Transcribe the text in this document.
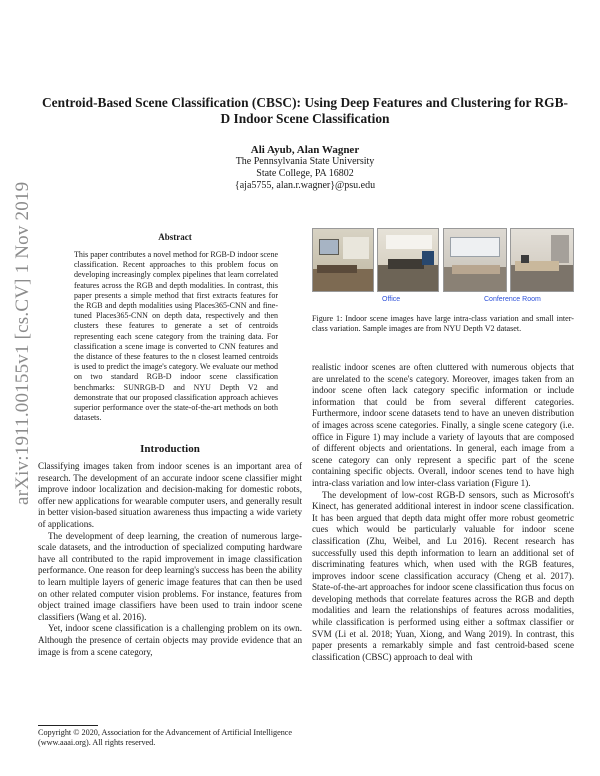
arXiv:1911.00155v1 [cs.CV] 1 Nov 2019
Centroid-Based Scene Classification (CBSC): Using Deep Features and Clustering for RGB-D Indoor Scene Classification
Ali Ayub, Alan Wagner
The Pennsylvania State University
State College, PA 16802
{aja5755, alan.r.wagner}@psu.edu
Abstract
This paper contributes a novel method for RGB-D indoor scene classification. Recent approaches to this problem focus on developing increasingly complex pipelines that learn correlated features across the RGB and depth modalities. In contrast, this paper presents a simple method that first extracts features for the RGB and depth modalities using Places365-CNN and fine-tuned Places365-CNN on depth data, respectively and then clusters these features to generate a set of centroids representing each scene category from the training data. For classification a scene image is converted to CNN features and the distance of these features to the n closest learned centroids is used to predict the image's category. We evaluate our method on two standard RGB-D indoor scene classification benchmarks: SUNRGB-D and NYU Depth V2 and demonstrate that our proposed classification approach achieves superior performance over the state-of-the-art methods on both datasets.
Introduction

Classifying images taken from indoor scenes is an important area of research. The development of an accurate indoor scene classifier might improve indoor localization and decision-making for domestic robots, offer new applications for wearable computer users, and generally result in better vision-based situation awareness thus impacting a wide variety of applications.

The development of deep learning, the creation of numerous large-scale datasets, and the introduction of specialized computing hardware have all contributed to the rapid improvement in image classification performance. One reason for deep learning's success has been the ability to learn multiple layers of generic image features that can then be used on other related computer vision problems. For instance, features from object trained image classifiers have been used to train indoor scene classifiers (Wang et al. 2016).

Yet, indoor scene classification is a challenging problem on its own. Although the presence of certain objects may provide evidence that an image is from a scene category,

Copyright © 2020, Association for the Advancement of Artificial Intelligence (www.aaai.org). All rights reserved.
Office	Conference Room
Figure 1: Indoor scene images have large intra-class variation and small inter-class variation. Sample images are from NYU Depth V2 dataset.

realistic indoor scenes are often cluttered with numerous objects that are unrelated to the scene's category. Moreover, images taken from an indoor scene often lack category specific information or include information that could be from several different categories. Furthermore, indoor scene datasets tend to have an uneven distribution of images across scene categories. Finally, a single scene category (i.e. office in Figure 1) may include a variety of layouts that are composed of different objects and orientations. In general, each image from a scene category can only represent a specific part of the scene containing specific objects. Overall, indoor scenes tend to have high intra-class variation and low inter-class variation (Figure 1).

The development of low-cost RGB-D sensors, such as Microsoft's Kinect, has generated additional interest in indoor scene classification. It has been argued that depth data might offer more robust geometric cues which would be particularly valuable for indoor scene classification (Zhu, Weibel, and Lu 2016). Recent research has successfully used this depth information to learn an additional set of discriminating features which, when used with the RGB features, improves indoor scene classification accuracy (Cheng et al. 2017). State-of-the-art approaches for indoor scene classification thus focus on developing methods that correlate features across the RGB and depth modalities and learn the relationships of features across modalities, while classification is performed using either a softmax classifier or SVM (Li et al. 2018; Yuan, Xiong, and Wang 2019). In contrast, this paper presents a remarkably simple and fast centroid-based scene classification (CBSC) approach to deal with
